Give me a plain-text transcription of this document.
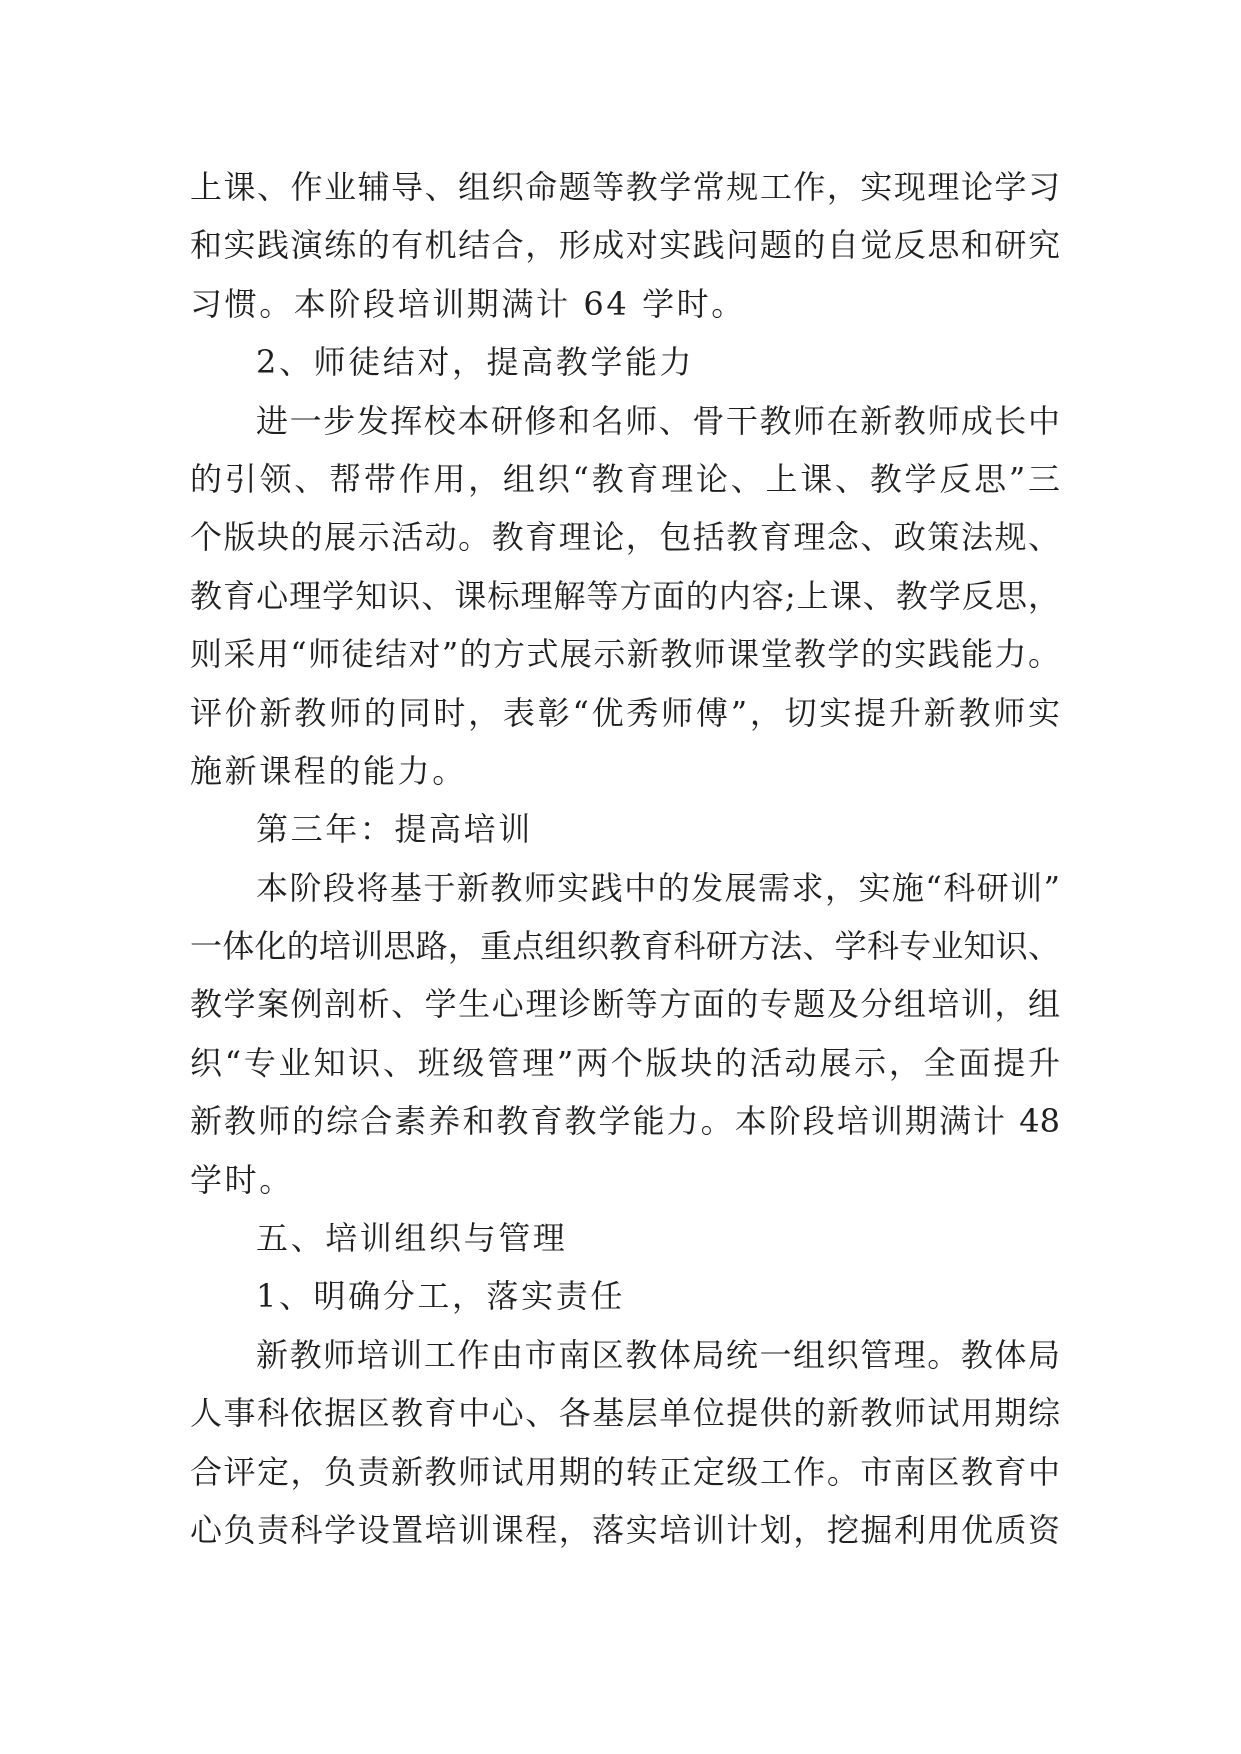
上课、作业辅导、组织命题等教学常规工作，实现理论学习
和实践演练的有机结合，形成对实践问题的自觉反思和研究
习惯。本阶段培训期满计 64 学时。
2、师徒结对，提高教学能力
进一步发挥校本研修和名师、骨干教师在新教师成长中
的引领、帮带作用，组织“教育理论、上课、教学反思”三
个版块的展示活动。教育理论，包括教育理念、政策法规、
教育心理学知识、课标理解等方面的内容;上课、教学反思，
则采用“师徒结对”的方式展示新教师课堂教学的实践能力。
评价新教师的同时，表彰“优秀师傅”，切实提升新教师实
施新课程的能力。
第三年：提高培训
本阶段将基于新教师实践中的发展需求，实施“科研训”
一体化的培训思路，重点组织教育科研方法、学科专业知识、
教学案例剖析、学生心理诊断等方面的专题及分组培训，组
织“专业知识、班级管理”两个版块的活动展示，全面提升
新教师的综合素养和教育教学能力。本阶段培训期满计 48
学时。
五、培训组织与管理
1、明确分工，落实责任
新教师培训工作由市南区教体局统一组织管理。教体局
人事科依据区教育中心、各基层单位提供的新教师试用期综
合评定，负责新教师试用期的转正定级工作。市南区教育中
心负责科学设置培训课程，落实培训计划，挖掘利用优质资
